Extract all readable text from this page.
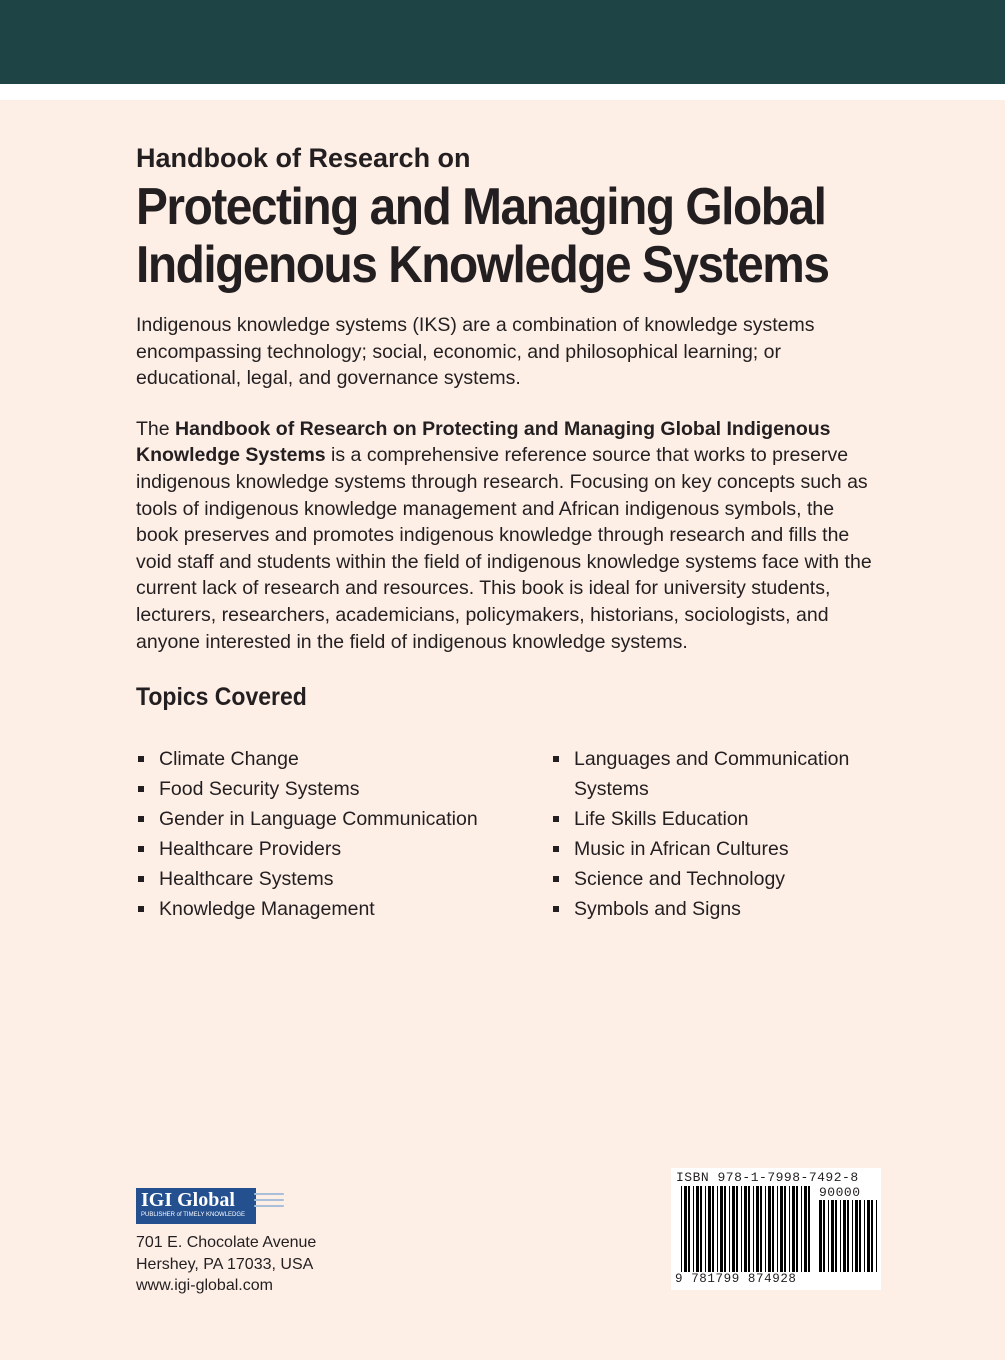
Handbook of Research on

Protecting and Managing Global
Indigenous Knowledge Systems

Indigenous knowledge systems (IKS) are a combination of knowledge systems encompassing technology; social, economic, and philosophical learning; or educational, legal, and governance systems.

The Handbook of Research on Protecting and Managing Global Indigenous Knowledge Systems is a comprehensive reference source that works to preserve indigenous knowledge systems through research. Focusing on key concepts such as tools of indigenous knowledge management and African indigenous symbols, the book preserves and promotes indigenous knowledge through research and fills the void staff and students within the field of indigenous knowledge systems face with the current lack of research and resources. This book is ideal for university students, lecturers, researchers, academicians, policymakers, historians, sociologists, and anyone interested in the field of indigenous knowledge systems.

Topics Covered
Climate Change
Food Security Systems
Gender in Language Communication
Healthcare Providers
Healthcare Systems
Knowledge Management
Languages and Communication Systems
Life Skills Education
Music in African Cultures
Science and Technology
Symbols and Signs
IGI Global
PUBLISHER of TIMELY KNOWLEDGE
701 E. Chocolate Avenue
Hershey, PA 17033, USA
www.igi-global.com
ISBN 978-1-7998-7492-8
90000
9 781799 874928
